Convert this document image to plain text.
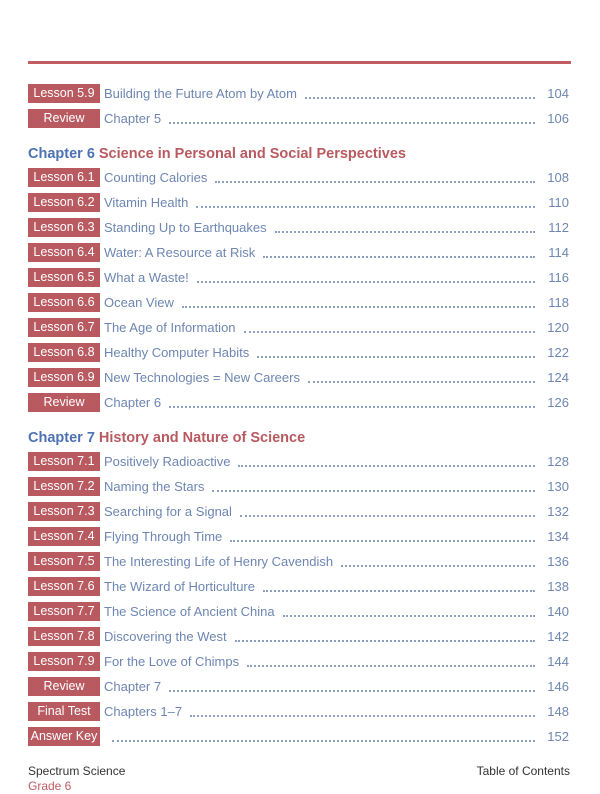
Lesson 5.9 Building the Future Atom by Atom	104
Review	Chapter 5	106
Chapter 6 Science in Personal and Social Perspectives
Lesson 6.1 Counting Calories	108
Lesson 6.2 Vitamin Health	110
Lesson 6.3 Standing Up to Earthquakes	112
Lesson 6.4 Water: A Resource at Risk	114
Lesson 6.5 What a Waste!	116
Lesson 6.6 Ocean View	118
Lesson 6.7 The Age of Information	120
Lesson 6.8 Healthy Computer Habits	122
Lesson 6.9 New Technologies = New Careers	124
Review	Chapter 6	126
Chapter 7 History and Nature of Science
Lesson 7.1 Positively Radioactive	128
Lesson 7.2 Naming the Stars	130
Lesson 7.3 Searching for a Signal	132
Lesson 7.4 Flying Through Time	134
Lesson 7.5 The Interesting Life of Henry Cavendish	136
Lesson 7.6 The Wizard of Horticulture	138
Lesson 7.7 The Science of Ancient China	140
Lesson 7.8 Discovering the West	142
Lesson 7.9 For the Love of Chimps	144
Review	Chapter 7	146
Final Test	Chapters 1–7	148
Answer Key	152
Spectrum Science
Grade 6
Table of Contents
